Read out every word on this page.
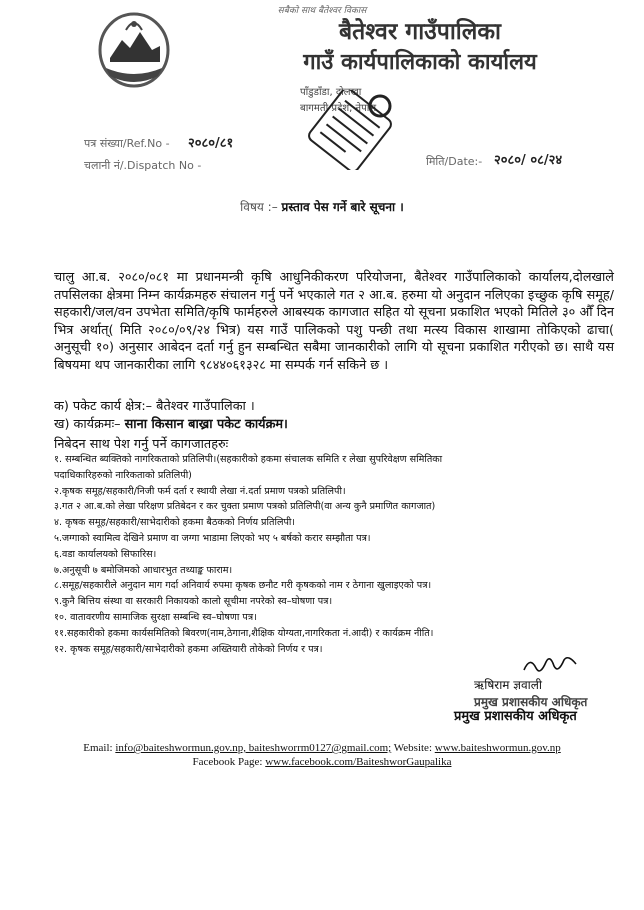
सबैको साथ बैतेश्वर विकास
बैतेश्वर गाउँपालिका
गाउँ कार्यपालिकाको कार्यालय
पाँडुडाँडा, दोलखा
बागमती प्रदेश, नेपाल
पत्र संख्या/Ref.No - २०८०/८१
चलानी नं/.Dispatch No -	मिति/Date:- २०८०/ ०८/२४
विषय :– प्रस्ताव पेस गर्ने बारे सूचना ।
चालु आ.ब. २०८०/०८१ मा प्रधानमन्त्री कृषि आधुनिकीकरण परियोजना, बैतेश्वर गाउँपालिकाको कार्यालय,दोलखाले तपसिलका क्षेत्रमा निम्न कार्यक्रमहरु संचालन गर्नु पर्ने भएकाले गत २ आ.ब. हरुमा यो अनुदान नलिएका इच्छुक कृषि समूह/सहकारी/जल/वन उपभेता समिति/कृषि फार्महरुले आबस्यक कागजात सहित यो सूचना प्रकाशित भएको मितिले ३० औँ दिन भित्र अर्थात्( मिति २०८०/०९/२४ भित्र) यस गाउँ पालिकको पशु पन्छी तथा मत्स्य विकास शाखामा तोकिएको ढाचा( अनुसूची १०) अनुसार आबेदन दर्ता गर्नु हुन सम्बन्धित सबैमा जानकारीको लागि यो सूचना प्रकाशित गरीएको छ। साथै यस बिषयमा थप जानकारीका लागि ९८४४०६१३२८ मा सम्पर्क गर्न सकिने छ ।
क) पकेट कार्य क्षेत्र:– बैतेश्वर गाउँपालिका ।
ख) कार्यक्रमः– साना किसान बाख्रा पकेट कार्यक्रम।
निबेदन साथ पेश गर्नु पर्ने कागजातहरुः
१. सम्बन्धित ब्यक्तिको नागरिकताको प्रतिलिपी।(सहकारीको हकमा संचालक समिति र लेखा सुपरिवेक्षण समितिका
पदाधिकारिहरुको नारिकताको प्रतिलिपी)
२.कृषक समूह/सहकारी/निजी फर्म दर्ता र स्थायी लेखा नं.दर्ता प्रमाण पत्रको प्रतिलिपी।
३.गत २ आ.ब.को लेखा परिक्षण प्रतिबेदन र कर चुक्ता प्रमाण पत्रको प्रतिलिपी(वा अन्य कुनै प्रमाणित कागजात)
४. कृषक समूह/सहकारी/साभेदारीको हकमा बैठकको निर्णय प्रतिलिपी।
५.जग्गाको स्वामित्व देखिने प्रमाण वा जग्गा भाडामा लिएको भए ५ बर्षको करार सम्झौता पत्र।
६.वडा कार्यालयको सिफारिस।
७.अनुसूची ७ बमोजिमको आधारभुत तथ्याङ्क फाराम।
८.समूह/सहकारीले अनुदान माग गर्दा अनिवार्य रुपमा कृषक छनौट गरी कृषकको नाम र ठेगाना खुलाइएको पत्र।
९.कुनै बित्तिय संस्था वा सरकारी निकायको कालो सूचीमा नपरेको स्व–घोषणा पत्र।
१०. वातावरणीय सामाजिक सुरक्षा सम्बन्धि स्व–घोषणा पत्र।
११.सहकारीको हकमा कार्यसमितिको बिवरण(नाम,ठेगाना,शैक्षिक योग्यता,नागरिकता नं.आदी) र कार्यक्रम नीति।
१२. कृषक समूह/सहकारी/साभेदारीको हकमा अख्तियारी तोकेको निर्णय र पत्र।
ऋषिराम ज्ञवाली
प्रमुख प्रशासकीय अधिकृत
प्रमुख प्रशासकीय अधिकृत
Email: info@baiteshwormun.gov.np, baiteshworrm0127@gmail.com; Website: www.baiteshwormun.gov.np
Facebook Page: www.facebook.com/BaiteshworGaupalika
